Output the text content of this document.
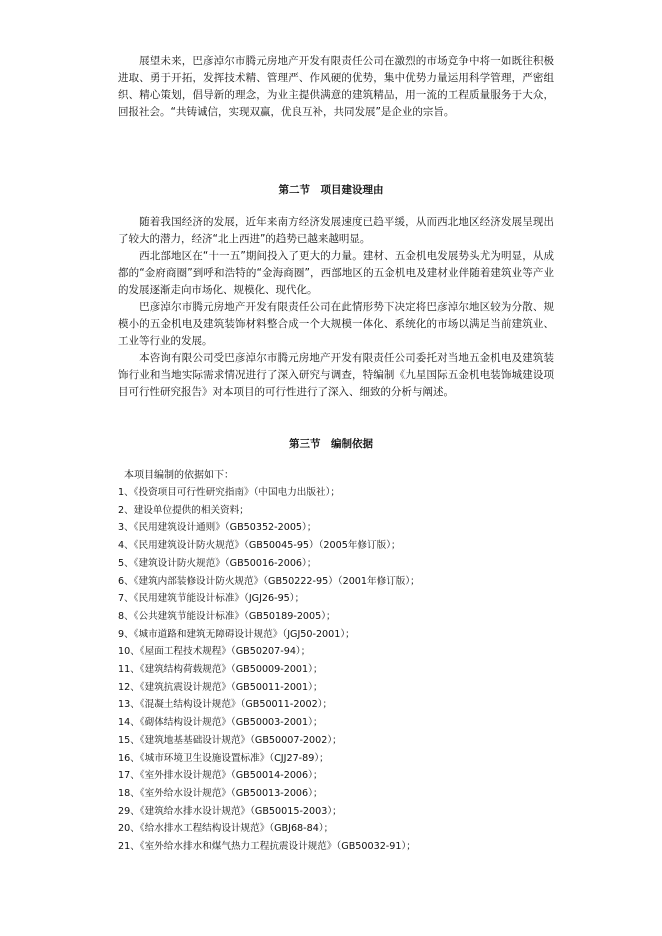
展望未来，巴彦淖尔市腾元房地产开发有限责任公司在激烈的市场竞争中将一如既往积极进取、勇于开拓，发挥技术精、管理严、作风硬的优势，集中优势力量运用科学管理，严密组织、精心策划，倡导新的理念，为业主提供满意的建筑精品，用一流的工程质量服务于大众，回报社会。“共铸诚信，实现双赢，优良互补，共同发展”是企业的宗旨。

第二节　项目建设理由

随着我国经济的发展，近年来南方经济发展速度已趋平缓，从而西北地区经济发展呈现出了较大的潜力，经济“北上西进”的趋势已越来越明显。

西北部地区在“十一五”期间投入了更大的力量。建材、五金机电发展势头尤为明显，从成都的“金府商圈”到呼和浩特的“金海商圈”，西部地区的五金机电及建材业伴随着建筑业等产业的发展逐渐走向市场化、规模化、现代化。

巴彦淖尔市腾元房地产开发有限责任公司在此情形势下决定将巴彦淖尔地区较为分散、规模小的五金机电及建筑装饰材料整合成一个大规模一体化、系统化的市场以满足当前建筑业、工业等行业的发展。

本咨询有限公司受巴彦淖尔市腾元房地产开发有限责任公司委托对当地五金机电及建筑装饰行业和当地实际需求情况进行了深入研究与调查，特编制《九星国际五金机电装饰城建设项目可行性研究报告》对本项目的可行性进行了深入、细致的分析与阐述。

第三节　编制依据

本项目编制的依据如下：

1、《投资项目可行性研究指南》（中国电力出版社）；
2、建设单位提供的相关资料；
3、《民用建筑设计通则》（GB50352-2005）；
4、《民用建筑设计防火规范》（GB50045-95）（2005年修订版）；
5、《建筑设计防火规范》（GB50016-2006）；
6、《建筑内部装修设计防火规范》（GB50222-95）（2001年修订版）；
7、《民用建筑节能设计标准》（JGJ26-95）；
8、《公共建筑节能设计标准》（GB50189-2005）；
9、《城市道路和建筑无障碍设计规范》（JGJ50-2001）；
10、《屋面工程技术规程》（GB50207-94）；
11、《建筑结构荷载规范》（GB50009-2001）；
12、《建筑抗震设计规范》（GB50011-2001）；
13、《混凝土结构设计规范》（GB50011-2002）；
14、《砌体结构设计规范》（GB50003-2001）；
15、《建筑地基基础设计规范》（GB50007-2002）；
16、《城市环境卫生设施设置标准》（CJJ27-89）；
17、《室外排水设计规范》（GB50014-2006）；
18、《室外给水设计规范》（GB50013-2006）；
29、《建筑给水排水设计规范》（GB50015-2003）；
20、《给水排水工程结构设计规范》（GBJ68-84）；
21、《室外给水排水和煤气热力工程抗震设计规范》（GB50032-91）；
